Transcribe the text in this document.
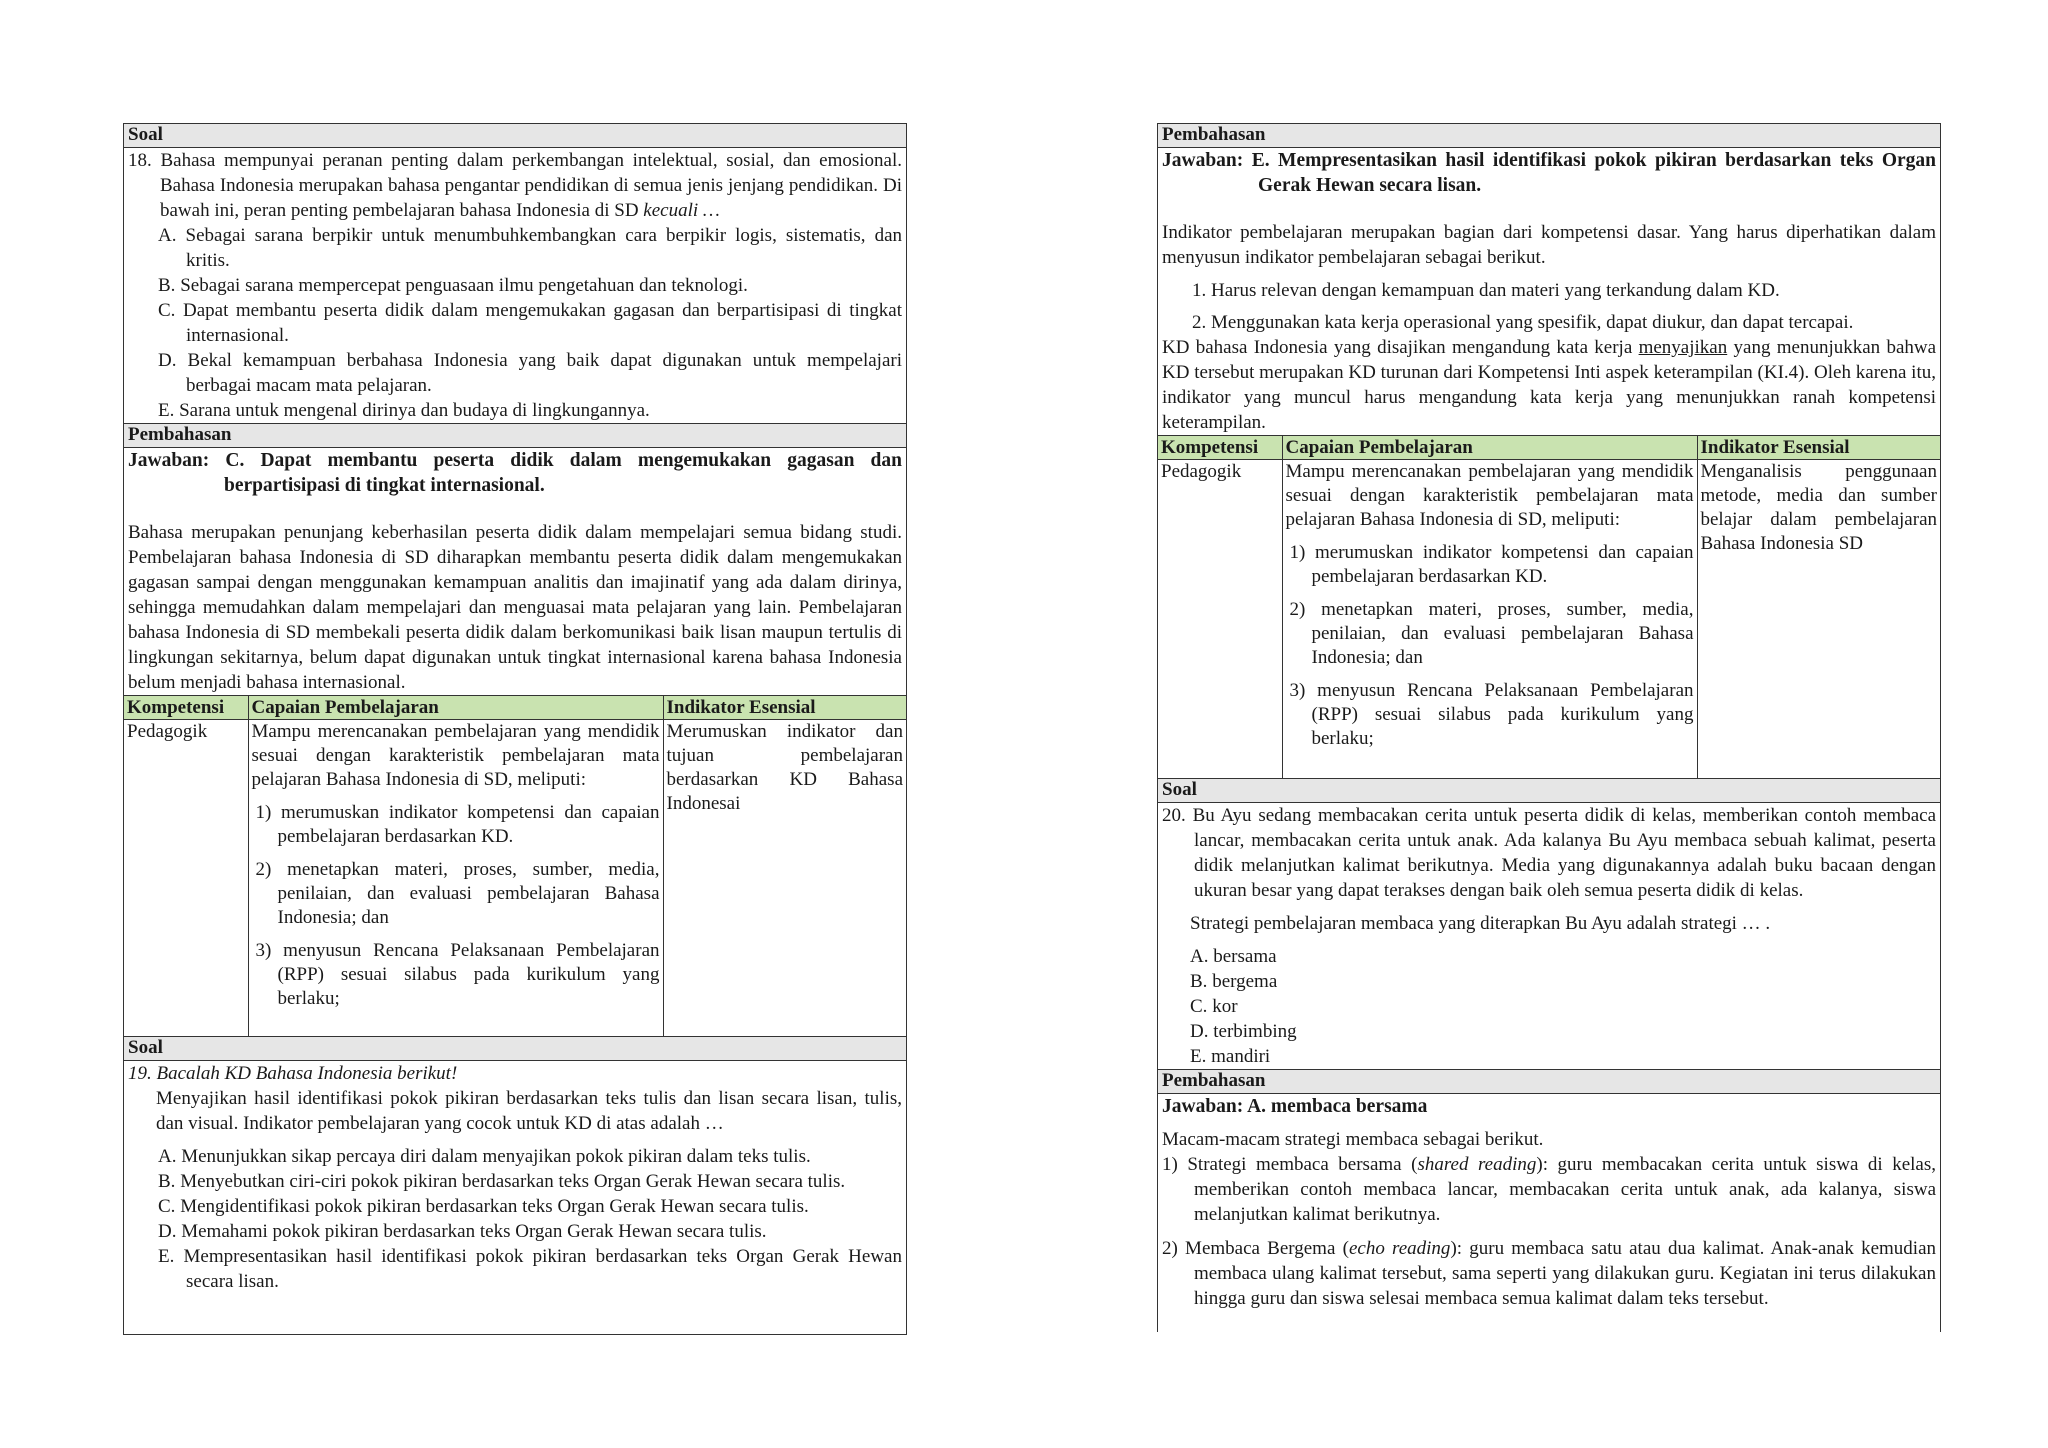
Soal

18. Bahasa mempunyai peranan penting dalam perkembangan intelektual, sosial, dan emosional. Bahasa Indonesia merupakan bahasa pengantar pendidikan di semua jenis jenjang pendidikan. Di bawah ini, peran penting pembelajaran bahasa Indonesia di SD kecuali …

A. Sebagai sarana berpikir untuk menumbuhkembangkan cara berpikir logis, sistematis, dan kritis.

B. Sebagai sarana mempercepat penguasaan ilmu pengetahuan dan teknologi.

C. Dapat membantu peserta didik dalam mengemukakan gagasan dan berpartisipasi di tingkat internasional.

D. Bekal kemampuan berbahasa Indonesia yang baik dapat digunakan untuk mempelajari berbagai macam mata pelajaran.

E. Sarana untuk mengenal dirinya dan budaya di lingkungannya.

Pembahasan

Jawaban: C. Dapat membantu peserta didik dalam mengemukakan gagasan dan berpartisipasi di tingkat internasional.

Bahasa merupakan penunjang keberhasilan peserta didik dalam mempelajari semua bidang studi. Pembelajaran bahasa Indonesia di SD diharapkan membantu peserta didik dalam mengemukakan gagasan sampai dengan menggunakan kemampuan analitis dan imajinatif yang ada dalam dirinya, sehingga memudahkan dalam mempelajari dan menguasai mata pelajaran yang lain. Pembelajaran bahasa Indonesia di SD membekali peserta didik dalam berkomunikasi baik lisan maupun tertulis di lingkungan sekitarnya, belum dapat digunakan untuk tingkat internasional karena bahasa Indonesia belum menjadi bahasa internasional.

Kompetensi	Capaian Pembelajaran	Indikator Esensial
Pedagogik	Mampu merencanakan pembelajaran yang mendidik sesuai dengan karakteristik pembelajaran mata pelajaran Bahasa Indonesia di SD, meliputi:

1) merumuskan indikator kompetensi dan capaian pembelajaran berdasarkan KD.

2) menetapkan materi, proses, sumber, media, penilaian, dan evaluasi pembelajaran Bahasa Indonesia; dan

3) menyusun Rencana Pelaksanaan Pembelajaran (RPP) sesuai silabus pada kurikulum yang berlaku;	Merumuskan indikator dan tujuan pembelajaran berdasarkan KD Bahasa Indonesai
Soal

19. Bacalah KD Bahasa Indonesia berikut!

Menyajikan hasil identifikasi pokok pikiran berdasarkan teks tulis dan lisan secara lisan, tulis, dan visual. Indikator pembelajaran yang cocok untuk KD di atas adalah …

A. Menunjukkan sikap percaya diri dalam menyajikan pokok pikiran dalam teks tulis.

B. Menyebutkan ciri-ciri pokok pikiran berdasarkan teks Organ Gerak Hewan secara tulis.

C. Mengidentifikasi pokok pikiran berdasarkan teks Organ Gerak Hewan secara tulis.

D. Memahami pokok pikiran berdasarkan teks Organ Gerak Hewan secara tulis.

E. Mempresentasikan hasil identifikasi pokok pikiran berdasarkan teks Organ Gerak Hewan secara lisan.

Pembahasan

Jawaban: E. Mempresentasikan hasil identifikasi pokok pikiran berdasarkan teks Organ Gerak Hewan secara lisan.

Indikator pembelajaran merupakan bagian dari kompetensi dasar. Yang harus diperhatikan dalam menyusun indikator pembelajaran sebagai berikut.

1. Harus relevan dengan kemampuan dan materi yang terkandung dalam KD.

2. Menggunakan kata kerja operasional yang spesifik, dapat diukur, dan dapat tercapai.

KD bahasa Indonesia yang disajikan mengandung kata kerja menyajikan yang menunjukkan bahwa KD tersebut merupakan KD turunan dari Kompetensi Inti aspek keterampilan (KI.4). Oleh karena itu, indikator yang muncul harus mengandung kata kerja yang menunjukkan ranah kompetensi keterampilan.

Kompetensi	Capaian Pembelajaran	Indikator Esensial
Pedagogik	Mampu merencanakan pembelajaran yang mendidik sesuai dengan karakteristik pembelajaran mata pelajaran Bahasa Indonesia di SD, meliputi:

1) merumuskan indikator kompetensi dan capaian pembelajaran berdasarkan KD.

2) menetapkan materi, proses, sumber, media, penilaian, dan evaluasi pembelajaran Bahasa Indonesia; dan

3) menyusun Rencana Pelaksanaan Pembelajaran (RPP) sesuai silabus pada kurikulum yang berlaku;	Menganalisis penggunaan metode, media dan sumber belajar dalam pembelajaran Bahasa Indonesia SD
Soal

20. Bu Ayu sedang membacakan cerita untuk peserta didik di kelas, memberikan contoh membaca lancar, membacakan cerita untuk anak. Ada kalanya Bu Ayu membaca sebuah kalimat, peserta didik melanjutkan kalimat berikutnya. Media yang digunakannya adalah buku bacaan dengan ukuran besar yang dapat terakses dengan baik oleh semua peserta didik di kelas.

Strategi pembelajaran membaca yang diterapkan Bu Ayu adalah strategi … .

A. bersama

B. bergema

C. kor

D. terbimbing

E. mandiri

Pembahasan

Jawaban: A. membaca bersama

Macam-macam strategi membaca sebagai berikut.

1) Strategi membaca bersama (shared reading): guru membacakan cerita untuk siswa di kelas, memberikan contoh membaca lancar, membacakan cerita untuk anak, ada kalanya, siswa melanjutkan kalimat berikutnya.

2) Membaca Bergema (echo reading): guru membaca satu atau dua kalimat. Anak-anak kemudian membaca ulang kalimat tersebut, sama seperti yang dilakukan guru. Kegiatan ini terus dilakukan hingga guru dan siswa selesai membaca semua kalimat dalam teks tersebut.
